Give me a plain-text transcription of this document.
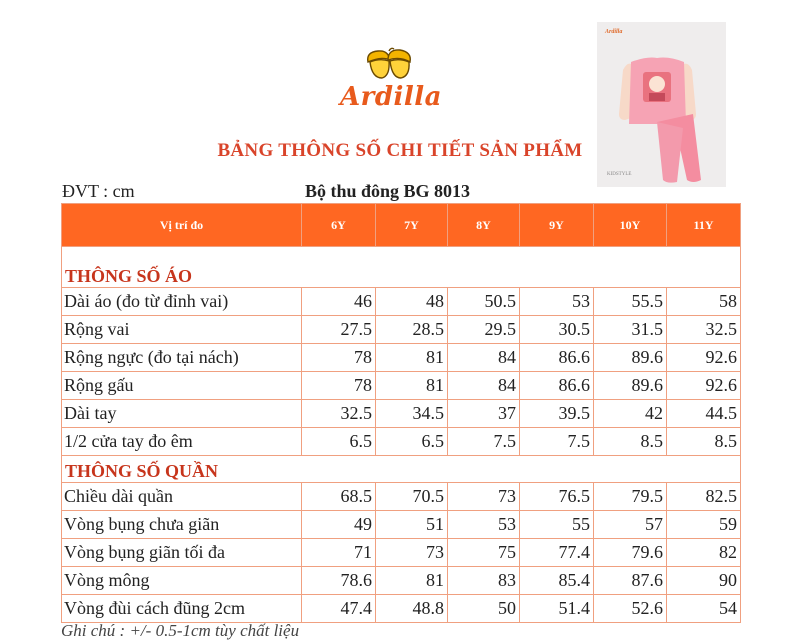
Ardilla
Ardilla
KIDSTYLE
BẢNG THÔNG SỐ CHI TIẾT SẢN PHẨM
ĐVT : cm	Bộ thu đông BG 8013
Vị trí đo	6Y	7Y	8Y	9Y	10Y	11Y

THÔNG SỐ ÁO						
Dài áo (đo từ đỉnh vai)	46	48	50.5	53	55.5	58
Rộng vai	27.5	28.5	29.5	30.5	31.5	32.5
Rộng ngực (đo tại nách)	78	81	84	86.6	89.6	92.6
Rộng gấu	78	81	84	86.6	89.6	92.6
Dài tay	32.5	34.5	37	39.5	42	44.5
1/2 cửa tay đo êm	6.5	6.5	7.5	7.5	8.5	8.5
THÔNG SỐ QUẦN						
Chiều dài quần	68.5	70.5	73	76.5	79.5	82.5
Vòng bụng chưa giãn	49	51	53	55	57	59
Vòng bụng giãn tối đa	71	73	75	77.4	79.6	82
Vòng mông	78.6	81	83	85.4	87.6	90
Vòng đùi cách đũng 2cm	47.4	48.8	50	51.4	52.6	54
Ghi chú : +/- 0.5-1cm tùy chất liệu
